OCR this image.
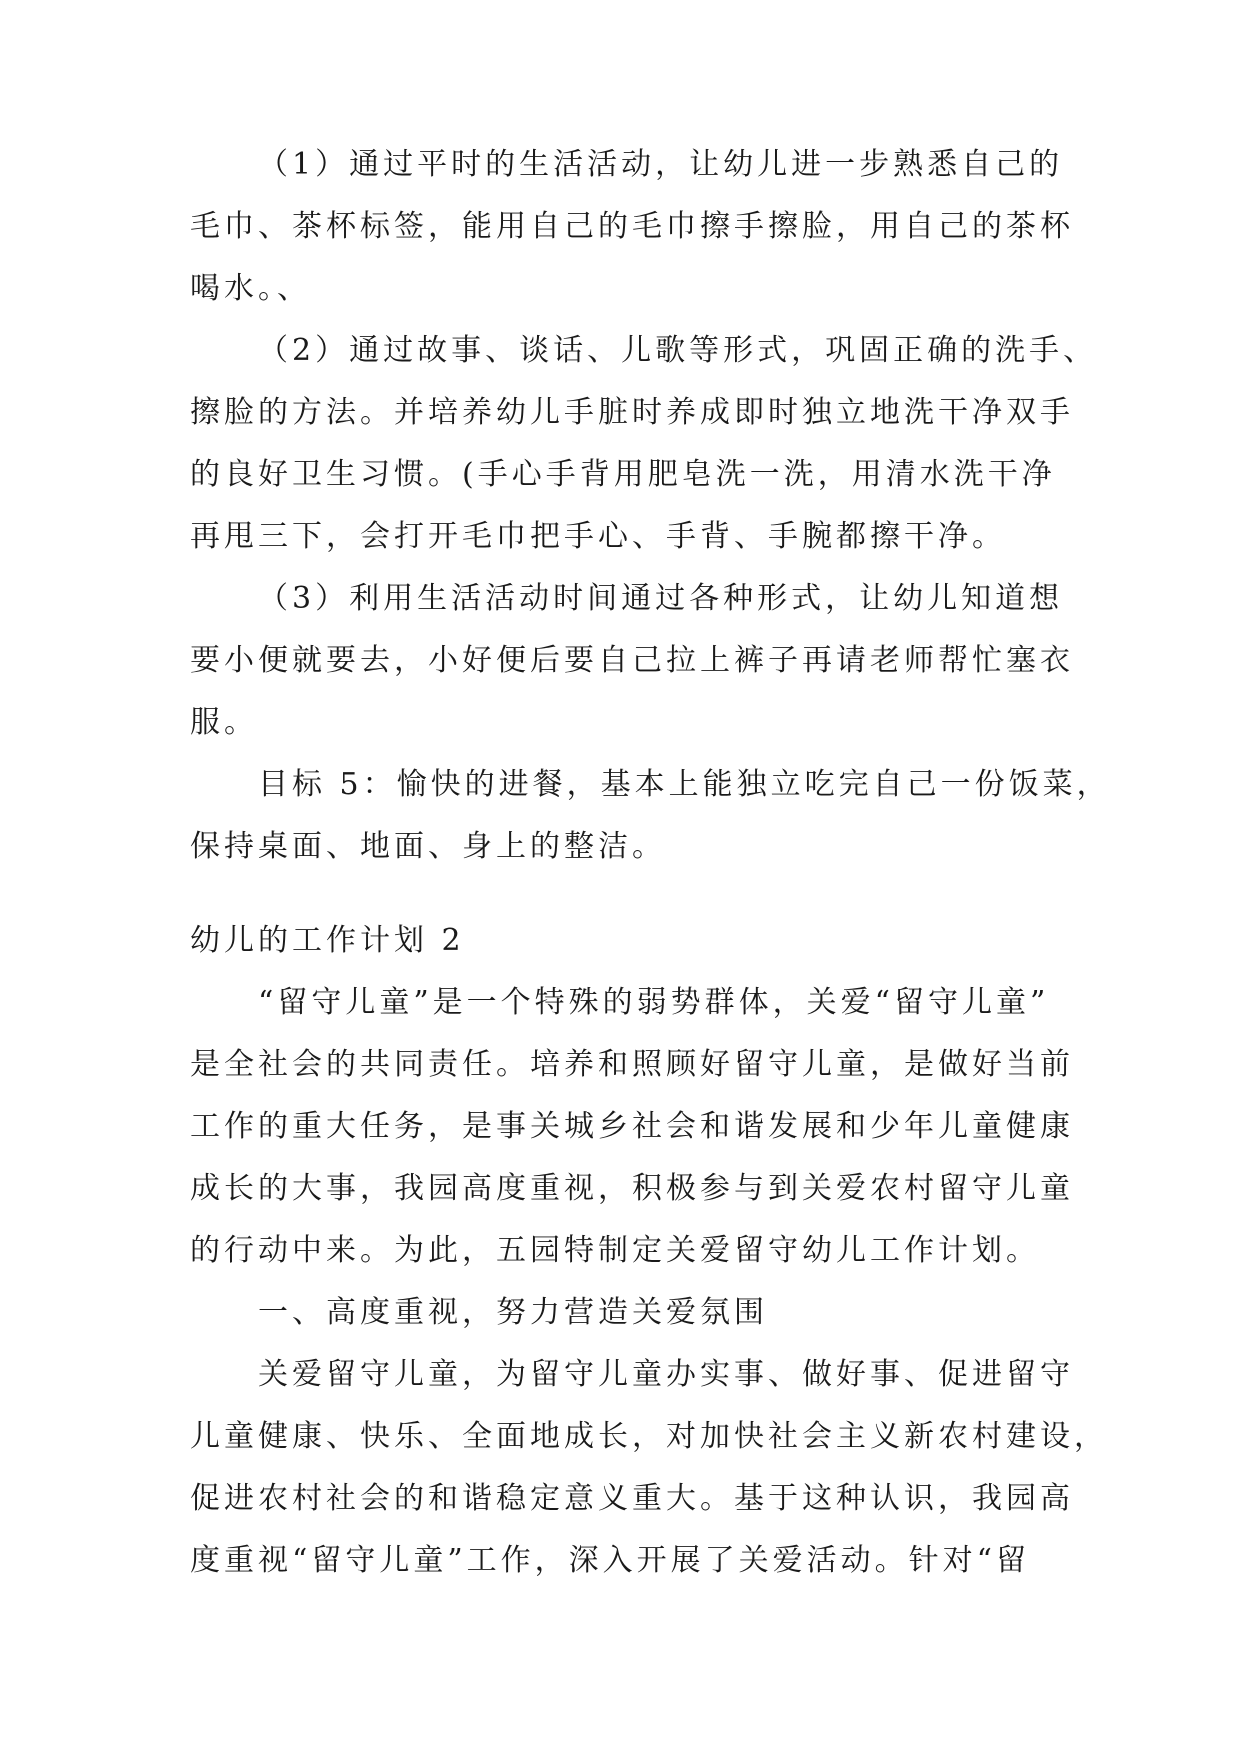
（1）通过平时的生活活动，让幼儿进一步熟悉自己的
毛巾、茶杯标签，能用自己的毛巾擦手擦脸，用自己的茶杯
喝水。、
（2）通过故事、谈话、儿歌等形式，巩固正确的洗手、
擦脸的方法。并培养幼儿手脏时养成即时独立地洗干净双手
的良好卫生习惯。(手心手背用肥皂洗一洗，用清水洗干净
再甩三下，会打开毛巾把手心、手背、手腕都擦干净。
（3）利用生活活动时间通过各种形式，让幼儿知道想
要小便就要去，小好便后要自己拉上裤子再请老师帮忙塞衣
服。
目标 5：愉快的进餐，基本上能独立吃完自己一份饭菜，
保持桌面、地面、身上的整洁。
幼儿的工作计划 2
“留守儿童”是一个特殊的弱势群体，关爱“留守儿童”
是全社会的共同责任。培养和照顾好留守儿童，是做好当前
工作的重大任务，是事关城乡社会和谐发展和少年儿童健康
成长的大事，我园高度重视，积极参与到关爱农村留守儿童
的行动中来。为此，五园特制定关爱留守幼儿工作计划。
一、高度重视，努力营造关爱氛围
关爱留守儿童，为留守儿童办实事、做好事、促进留守
儿童健康、快乐、全面地成长，对加快社会主义新农村建设，
促进农村社会的和谐稳定意义重大。基于这种认识，我园高
度重视“留守儿童”工作，深入开展了关爱活动。针对“留
